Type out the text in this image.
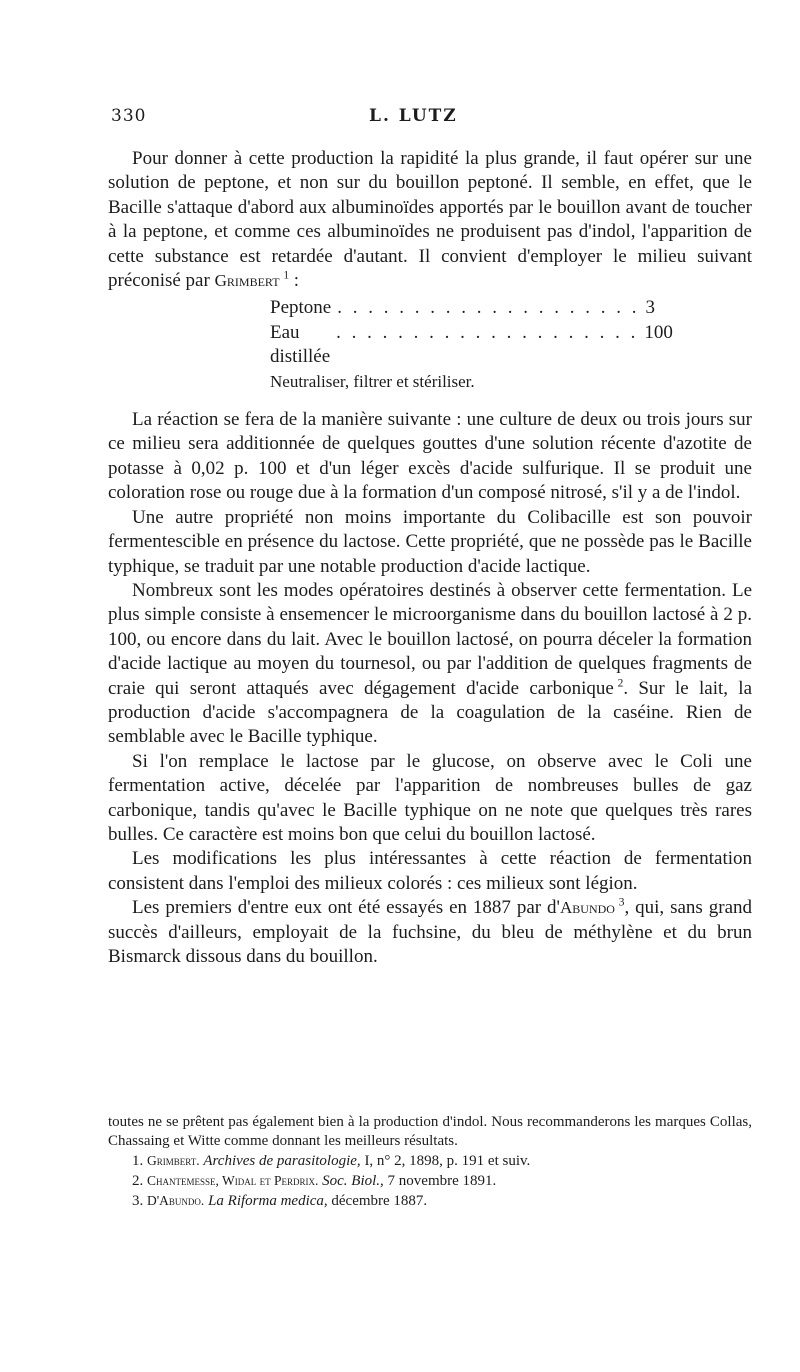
330	L. LUTZ

Pour donner à cette production la rapidité la plus grande, il faut opérer sur une solution de peptone, et non sur du bouillon peptoné. Il semble, en effet, que le Bacille s'attaque d'abord aux albuminoïdes apportés par le bouillon avant de toucher à la peptone, et comme ces albuminoïdes ne produisent pas d'indol, l'apparition de cette substance est retardée d'autant. Il convient d'employer le milieu suivant préconisé par Grimbert  $^1$ :

Peptone . . . . . . . . . . . . . . . . . . . . 3
Eau distillée
. . . . . . . . . . . . . . . . . . . . 100
Neutraliser, filtrer et stériliser.

La réaction se fera de la manière suivante : une culture de deux ou trois jours sur ce milieu sera additionnée de quelques gouttes d'une solution récente d'azotite de potasse à 0,02 p. 100 et d'un léger excès d'acide sulfurique. Il se produit une coloration rose ou rouge due à la formation d'un composé nitrosé, s'il y a de l'indol.

Une autre propriété non moins importante du Colibacille est son pouvoir fermentescible en présence du lactose. Cette propriété, que ne possède pas le Bacille typhique, se traduit par une notable production d'acide lactique.

Nombreux sont les modes opératoires destinés à observer cette fermentation. Le plus simple consiste à ensemencer le microorganisme dans du bouillon lactosé à 2 p. 100, ou encore dans du lait. Avec le bouillon lactosé, on pourra déceler la formation d'acide lactique au moyen du tournesol, ou par l'addition de quelques fragments de craie qui seront attaqués avec dégagement d'acide carbonique  $^2$. Sur le lait, la production d'acide s'accompagnera de la coagulation de la caséine. Rien de semblable avec le Bacille typhique.

Si l'on remplace le lactose par le glucose, on observe avec le Coli une fermentation active, décelée par l'apparition de nombreuses bulles de gaz carbonique, tandis qu'avec le Bacille typhique on ne note que quelques très rares bulles. Ce caractère est moins bon que celui du bouillon lactosé.

Les modifications les plus intéressantes à cette réaction de fermentation consistent dans l'emploi des milieux colorés : ces milieux sont légion.

Les premiers d'entre eux ont été essayés en 1887 par d'Abundo  $^3$, qui, sans grand succès d'ailleurs, employait de la fuchsine, du bleu de méthylène et du brun Bismarck dissous dans du bouillon.

toutes ne se prêtent pas également bien à la production d'indol. Nous recommanderons les marques Collas, Chassaing et Witte comme donnant les meilleurs résultats.

1. Grimbert. Archives de parasitologie, I, n° 2, 1898, p. 191 et suiv.

2. Chantemesse, Widal et Perdrix. Soc. Biol., 7 novembre 1891.

3. D'Abundo. La Riforma medica, décembre 1887.
